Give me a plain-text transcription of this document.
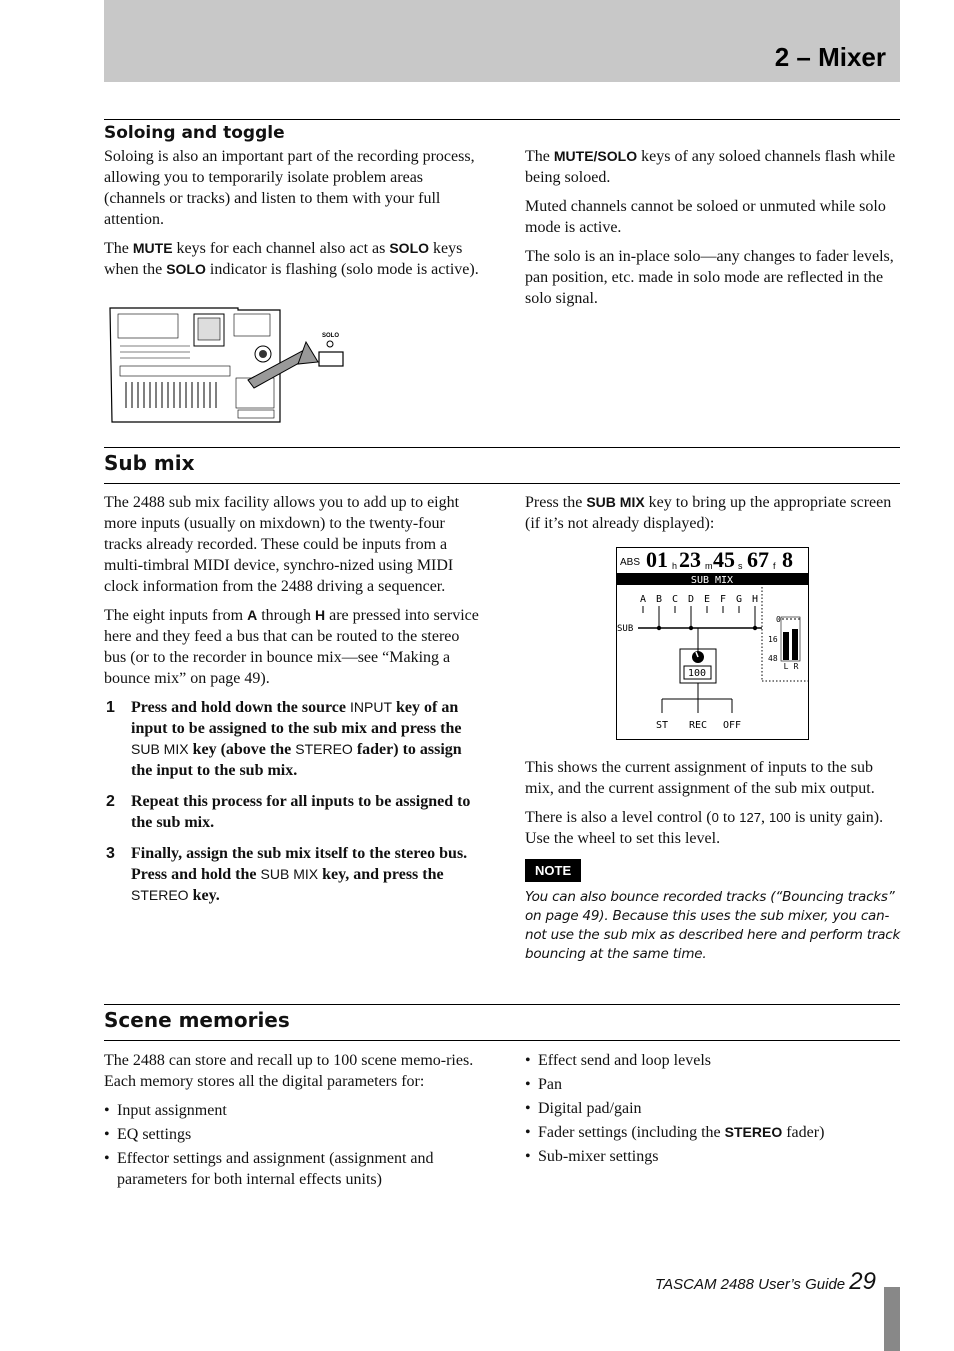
2 – Mixer
Soloing and toggle

Soloing is also an important part of the recording process, allowing you to temporarily isolate problem areas (channels or tracks) and listen to them with your full attention.

The MUTE keys for each channel also act as SOLO keys when the SOLO indicator is flashing (solo mode is active).

SOLO

The MUTE/SOLO keys of any soloed channels flash while being soloed.

Muted channels cannot be soloed or unmuted while solo mode is active.

The solo is an in-place solo—any changes to fader levels, pan position, etc. made in solo mode are reflected in the solo signal.

Sub mix

The 2488 sub mix facility allows you to add up to eight more inputs (usually on mixdown) to the twenty-four tracks already recorded. These could be inputs from a multi-timbral MIDI device, synchro-nized using MIDI clock information from the 2488 driving a sequencer.

The eight inputs from A through H are pressed into service here and they feed a bus that can be routed to the stereo bus (or to the recorder in bounce mix—see “Making a bounce mix” on page 49).

1 Press and hold down the source INPUT key of an input to be assigned to the sub mix and press the SUB MIX key (above the STEREO fader) to assign the input to the sub mix.
2 Repeat this process for all inputs to be assigned to the sub mix.
3 Finally, assign the sub mix itself to the stereo bus. Press and hold the SUB MIX key, and press the STEREO key.

Press the SUB MIX key to bring up the appropriate screen (if it’s not already displayed):

ABS 01 h 23 m 45 s 67 f 8
SUB MIX
A B C D E F G H
SUB
100
ST REC OFF
0
16
48
L R

This shows the current assignment of inputs to the sub mix, and the current assignment of the sub mix output.

There is also a level control (0 to 127, 100 is unity gain). Use the wheel to set this level.

NOTE
You can also bounce recorded tracks (“Bouncing tracks” on page 49). Because this uses the sub mixer, you can-not use the sub mix as described here and perform track bouncing at the same time.
Scene memories

The 2488 can store and recall up to 100 scene memo-ries. Each memory stores all the digital parameters for:

• Input assignment
• EQ settings
• Effector settings and assignment (assignment and parameters for both internal effects units)
• Effect send and loop levels
• Pan
• Digital pad/gain
• Fader settings (including the STEREO fader)
• Sub-mixer settings
TASCAM 2488 User’s Guide 29
